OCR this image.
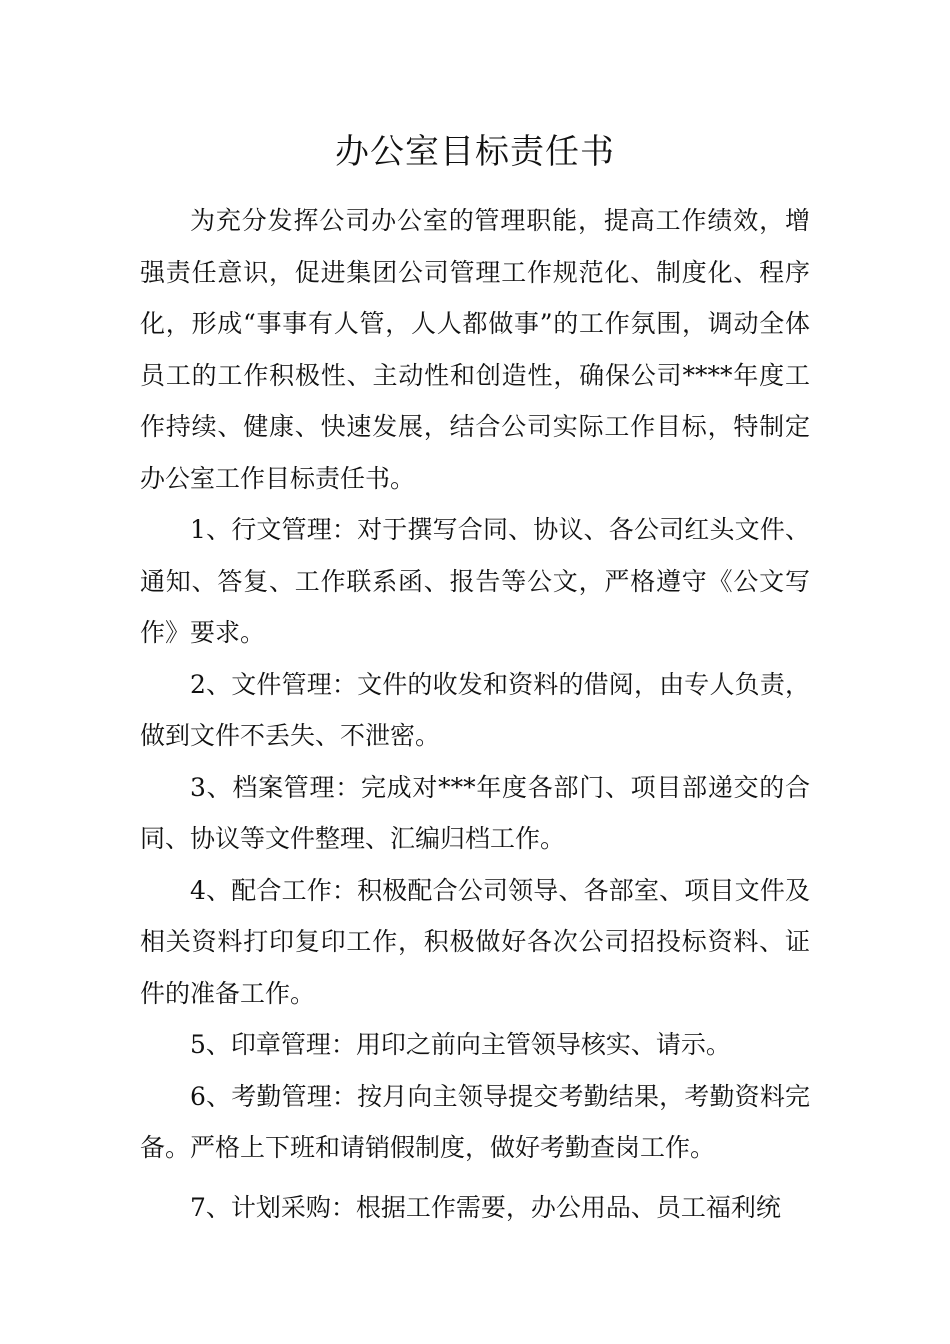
办公室目标责任书

为充分发挥公司办公室的管理职能，提高工作绩效，增强责任意识，促进集团公司管理工作规范化、制度化、程序化，形成“事事有人管，人人都做事”的工作氛围，调动全体员工的工作积极性、主动性和创造性，确保公司****年度工作持续、健康、快速发展，结合公司实际工作目标，特制定办公室工作目标责任书。

1、行文管理：对于撰写合同、协议、各公司红头文件、通知、答复、工作联系函、报告等公文，严格遵守《公文写作》要求。

2、文件管理：文件的收发和资料的借阅，由专人负责，做到文件不丢失、不泄密。

3、档案管理：完成对***年度各部门、项目部递交的合同、协议等文件整理、汇编归档工作。

4、配合工作：积极配合公司领导、各部室、项目文件及相关资料打印复印工作，积极做好各次公司招投标资料、证件的准备工作。

5、印章管理：用印之前向主管领导核实、请示。

6、考勤管理：按月向主领导提交考勤结果，考勤资料完备。严格上下班和请销假制度，做好考勤查岗工作。

7、计划采购：根据工作需要，办公用品、员工福利统
